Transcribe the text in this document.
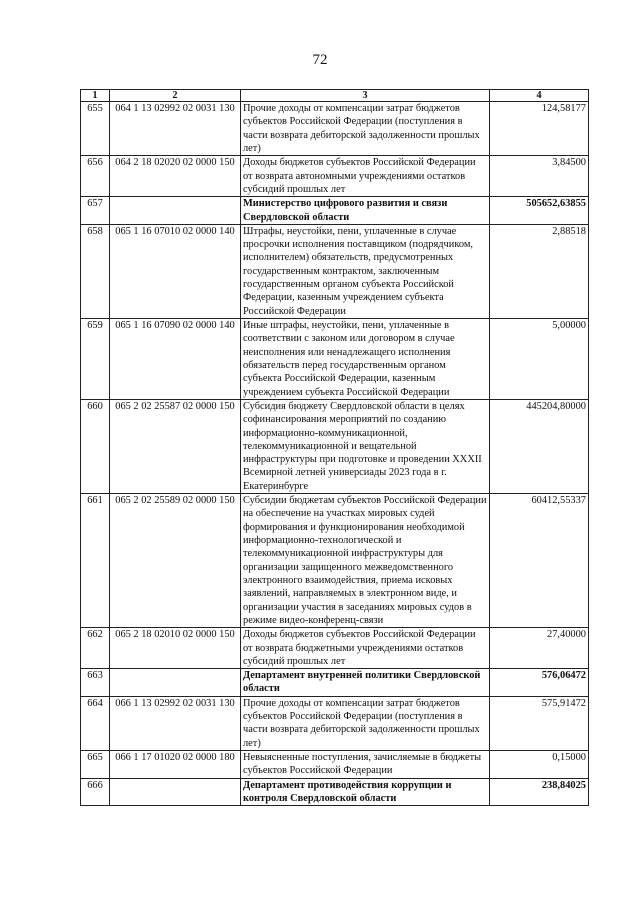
72
1	2	3	4
655	064 1 13 02992 02 0031 130	Прочие доходы от компенсации затрат бюджетов субъектов Российской Федерации (поступления в части возврата дебиторской задолженности прошлых лет)	124,58177
656	064 2 18 02020 02 0000 150	Доходы бюджетов субъектов Российской Федерации от возврата автономными учреждениями остатков субсидий прошлых лет	3,84500
657		Министерство цифрового развития и связи Свердловской области	505652,63855
658	065 1 16 07010 02 0000 140	Штрафы, неустойки, пени, уплаченные в случае просрочки исполнения поставщиком (подрядчиком, исполнителем) обязательств, предусмотренных государственным контрактом, заключенным государственным органом субъекта Российской Федерации, казенным учреждением субъекта Российской Федерации	2,88518
659	065 1 16 07090 02 0000 140	Иные штрафы, неустойки, пени, уплаченные в соответствии с законом или договором в случае неисполнения или ненадлежащего исполнения обязательств перед государственным органом субъекта Российской Федерации, казенным учреждением субъекта Российской Федерации	5,00000
660	065 2 02 25587 02 0000 150	Субсидия бюджету Свердловской области в целях софинансирования мероприятий по созданию информационно-коммуникационной, телекоммуникационной и вещательной инфраструктуры при подготовке и проведении XXXII Всемирной летней универсиады 2023 года в г. Екатеринбурге	445204,80000
661	065 2 02 25589 02 0000 150	Субсидии бюджетам субъектов Российской Федерации на обеспечение на участках мировых судей формирования и функционирования необходимой информационно-технологической и телекоммуникационной инфраструктуры для организации защищенного межведомственного электронного взаимодействия, приема исковых заявлений, направляемых в электронном виде, и организации участия в заседаниях мировых судов в режиме видео-конференц-связи	60412,55337
662	065 2 18 02010 02 0000 150	Доходы бюджетов субъектов Российской Федерации от возврата бюджетными учреждениями остатков субсидий прошлых лет	27,40000
663		Департамент внутренней политики Свердловской области	576,06472
664	066 1 13 02992 02 0031 130	Прочие доходы от компенсации затрат бюджетов субъектов Российской Федерации (поступления в части возврата дебиторской задолженности прошлых лет)	575,91472
665	066 1 17 01020 02 0000 180	Невыясненные поступления, зачисляемые в бюджеты субъектов Российской Федерации	0,15000
666		Департамент противодействия коррупции и контроля Свердловской области	238,84025
